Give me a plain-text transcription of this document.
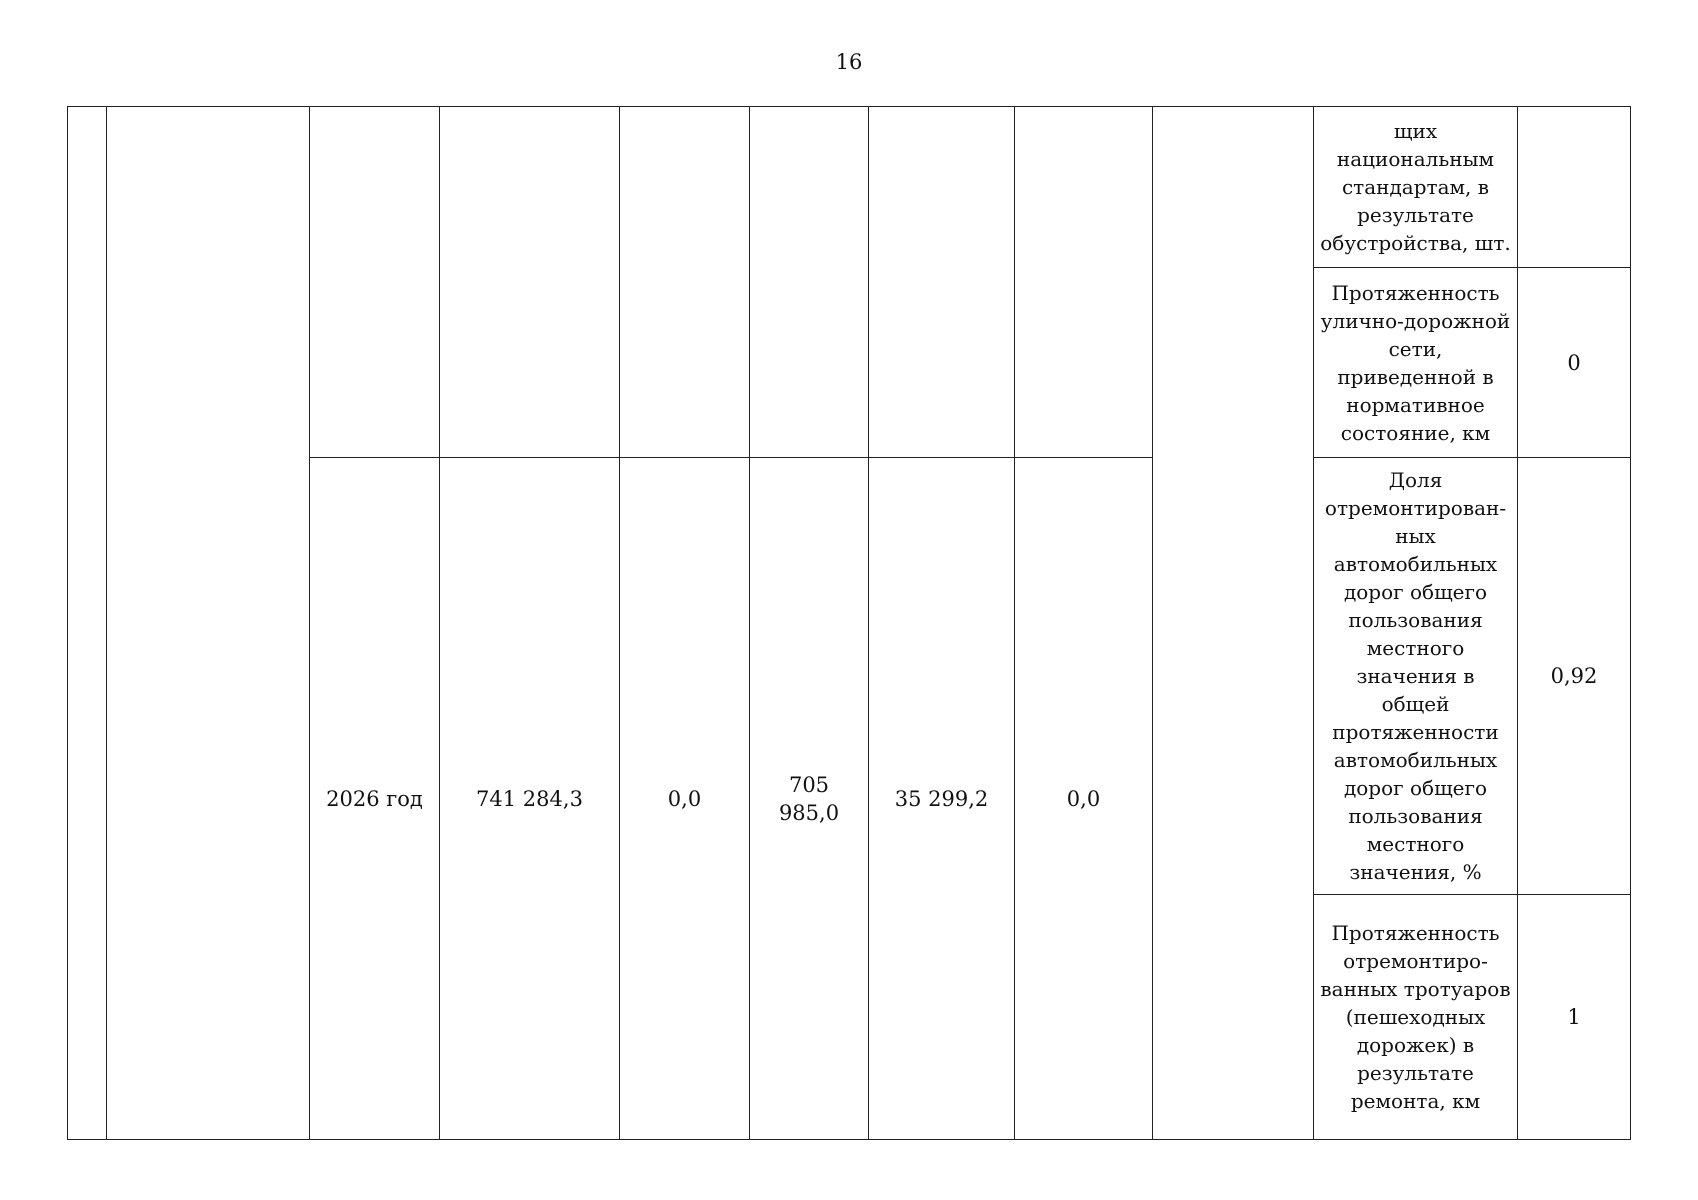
16
									щих национальным стандартам, в результате обустройства, шт.	
									Протяженность улично-дорожной сети, приведенной в нормативное состояние, км	0
		2026 год	741 284,3	0,0	705 985,0	35 299,2	0,0		Доля отремонтирован-ных автомобильных дорог общего пользования местного значения в общей протяженности автомобильных дорог общего пользования местного значения, %	0,92
									Протяженность отремонтиро-ванных тротуаров (пешеходных дорожек) в результате ремонта, км	1
